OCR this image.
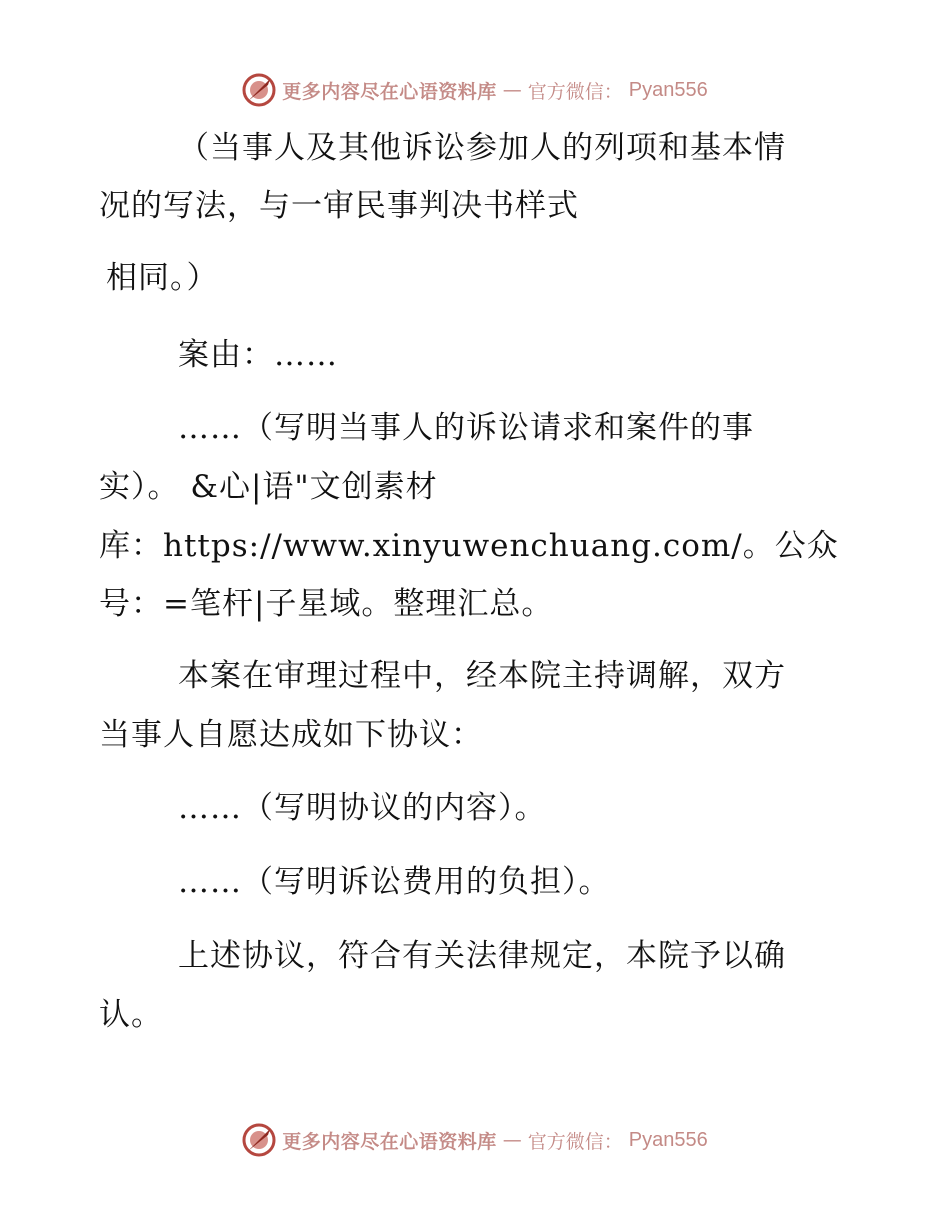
更多内容尽在心语资料库 — 官方微信： Pyan556
（当事人及其他诉讼参加人的列项和基本情
况的写法，与一审民事判决书样式
相同。）
案由：……
……（写明当事人的诉讼请求和案件的事
实）。 &心|语"文创素材
库：https://www.xinyuwenchuang.com/。公众
号：=笔杆|子星域。整理汇总。
本案在审理过程中，经本院主持调解，双方
当事人自愿达成如下协议：
……（写明协议的内容）。
……（写明诉讼费用的负担）。
上述协议，符合有关法律规定，本院予以确
认。
更多内容尽在心语资料库 — 官方微信： Pyan556
